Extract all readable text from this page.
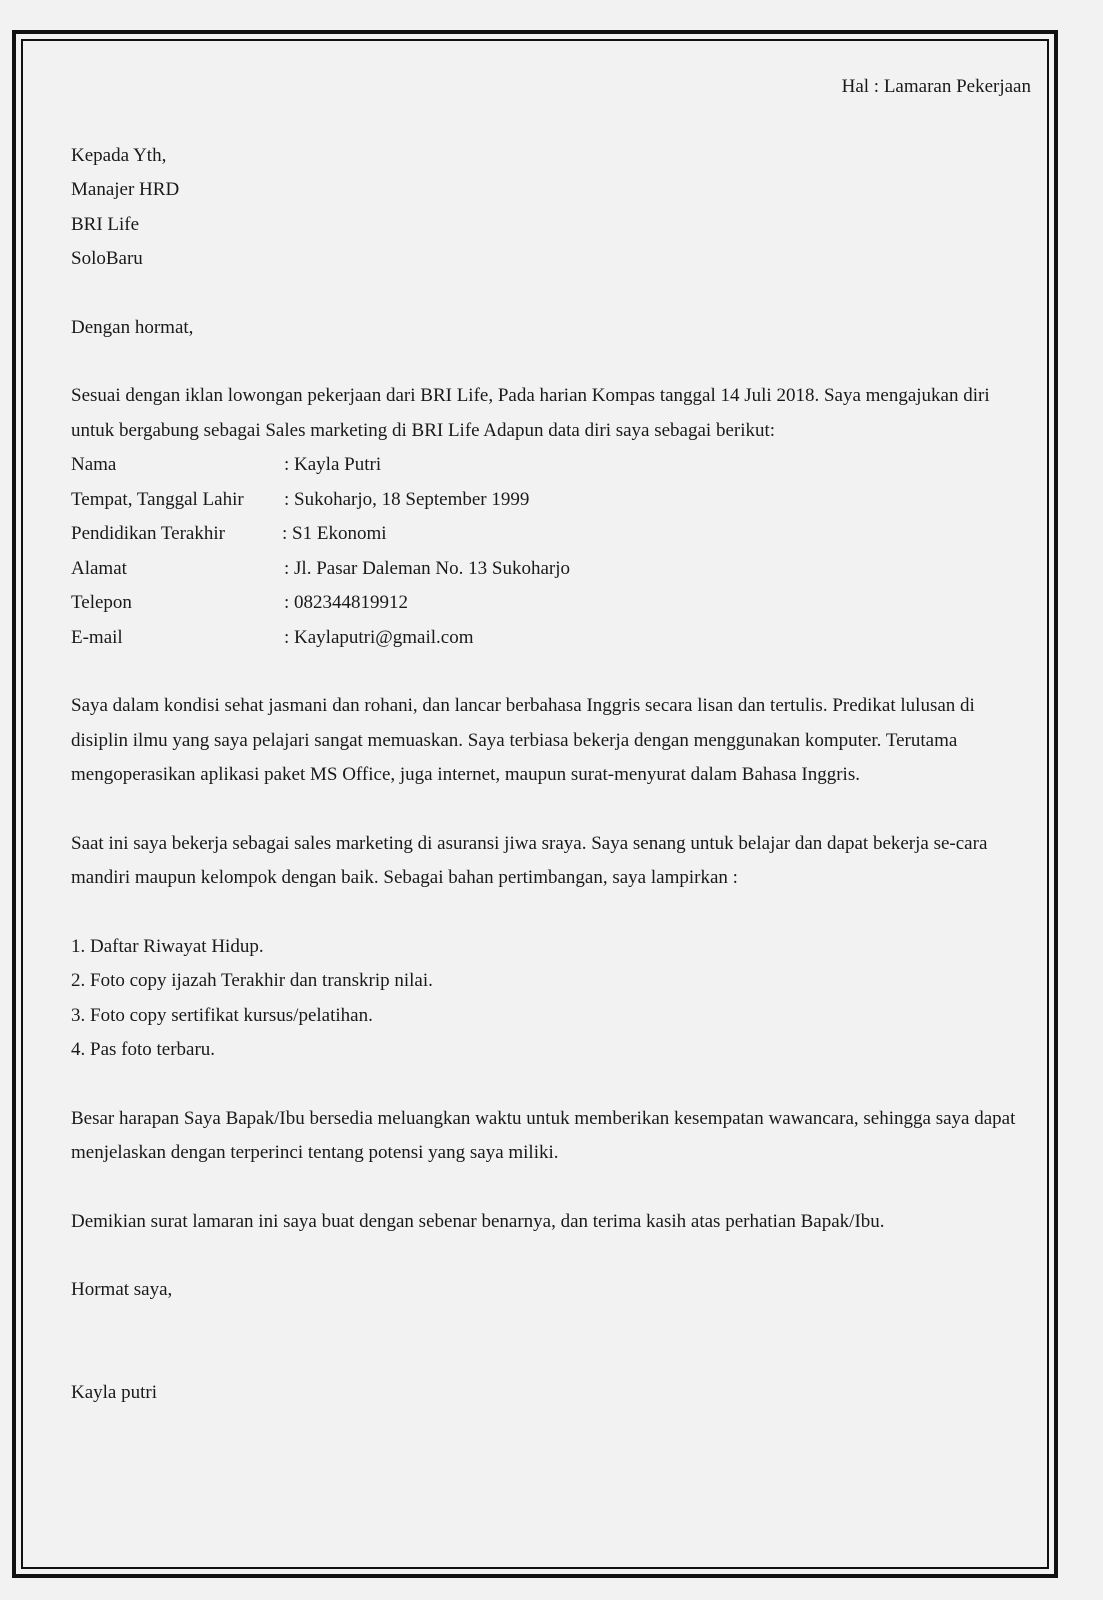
Hal : Lamaran Pekerjaan

Kepada Yth,

Manajer HRD

BRI Life

SoloBaru

Dengan hormat,

Sesuai dengan iklan lowongan pekerjaan dari BRI Life, Pada harian Kompas tanggal 14 Juli 2018. Saya mengajukan diri untuk bergabung sebagai Sales marketing di BRI Life Adapun data diri saya sebagai berikut:

Nama	: Kayla Putri
Tempat, Tanggal Lahir	: Sukoharjo, 18 September 1999
Pendidikan Terakhir	: S1 Ekonomi
Alamat	: Jl. Pasar Daleman No. 13 Sukoharjo
Telepon	: 082344819912
E-mail	: Kaylaputri@gmail.com

Saya dalam kondisi sehat jasmani dan rohani, dan lancar berbahasa Inggris secara lisan dan tertulis. Predikat lulusan di disiplin ilmu yang saya pelajari sangat memuaskan. Saya terbiasa bekerja dengan menggunakan komputer. Terutama mengoperasikan aplikasi paket MS Office, juga internet, maupun surat-menyurat dalam Bahasa Inggris.

Saat ini saya bekerja sebagai sales marketing di asuransi jiwa sraya. Saya senang untuk belajar dan dapat bekerja se-cara mandiri maupun kelompok dengan baik. Sebagai bahan pertimbangan, saya lampirkan :

1. Daftar Riwayat Hidup.

2. Foto copy ijazah Terakhir dan transkrip nilai.

3. Foto copy sertifikat kursus/pelatihan.

4. Pas foto terbaru.

Besar harapan Saya Bapak/Ibu bersedia meluangkan waktu untuk memberikan kesempatan wawancara, sehingga saya dapat menjelaskan dengan terperinci tentang potensi yang saya miliki.

Demikian surat lamaran ini saya buat dengan sebenar benarnya, dan terima kasih atas perhatian Bapak/Ibu.

Hormat saya,

Kayla putri
